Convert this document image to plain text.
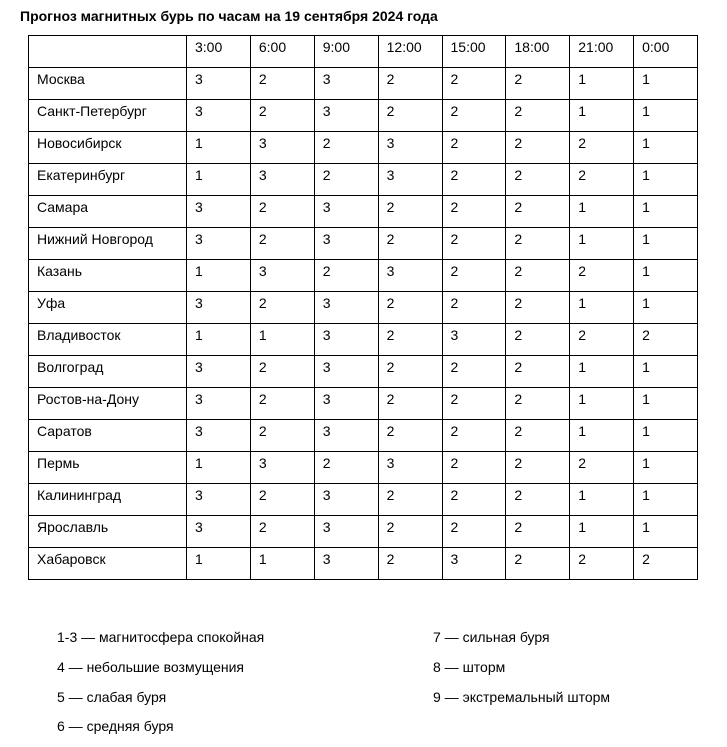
Прогноз магнитных бурь по часам на 19 сентября 2024 года
	3:00	6:00	9:00	12:00	15:00	18:00	21:00	0:00
Москва	3	2	3	2	2	2	1	1
Санкт-Петербург	3	2	3	2	2	2	1	1
Новосибирск	1	3	2	3	2	2	2	1
Екатеринбург	1	3	2	3	2	2	2	1
Самара	3	2	3	2	2	2	1	1
Нижний Новгород	3	2	3	2	2	2	1	1
Казань	1	3	2	3	2	2	2	1
Уфа	3	2	3	2	2	2	1	1
Владивосток	1	1	3	2	3	2	2	2
Волгоград	3	2	3	2	2	2	1	1
Ростов-на-Дону	3	2	3	2	2	2	1	1
Саратов	3	2	3	2	2	2	1	1
Пермь	1	3	2	3	2	2	2	1
Калининград	3	2	3	2	2	2	1	1
Ярославль	3	2	3	2	2	2	1	1
Хабаровск	1	1	3	2	3	2	2	2
1-3 — магнитосфера спокойная
4 — небольшие возмущения
5 — слабая буря
6 — средняя буря
7 — сильная буря
8 — шторм
9 — экстремальный шторм
